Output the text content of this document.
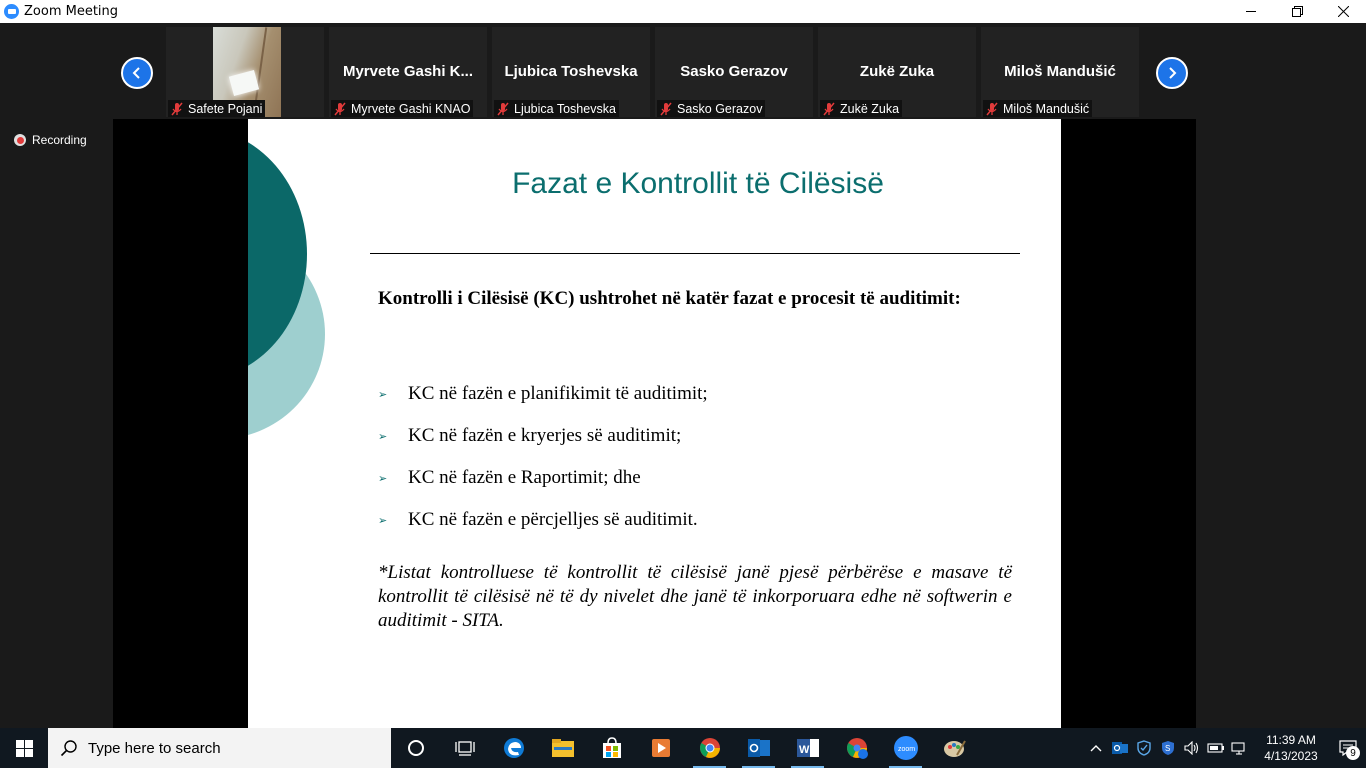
Zoom Meeting
Safete Pojani
Myrvete Gashi K...
Myrvete Gashi KNAO
Ljubica Toshevska
Ljubica Toshevska
Sasko Gerazov
Sasko Gerazov
Zukë Zuka
Zukë Zuka
Miloš Mandušić
Miloš Mandušić
Recording
Fazat e Kontrollit të Cilësisë
Kontrolli i Cilësisë (KC) ushtrohet në katër fazat e procesit të auditimit:
➢ KC në fazën e planifikimit të auditimit;
➢ KC në fazën e kryerjes së auditimit;
➢ KC në fazën e Raportimit; dhe
➢ KC në fazën e përcjelljes së auditimit.
*Listat kontrolluese të kontrollit të cilësisë janë pjesë përbërëse e masave të kontrollit të cilësisë në të dy nivelet dhe janë të inkorporuara edhe në softwerin e auditimit - SITA.
Type here to search	W	zoom	S
11:39 AM
4/13/2023	9
